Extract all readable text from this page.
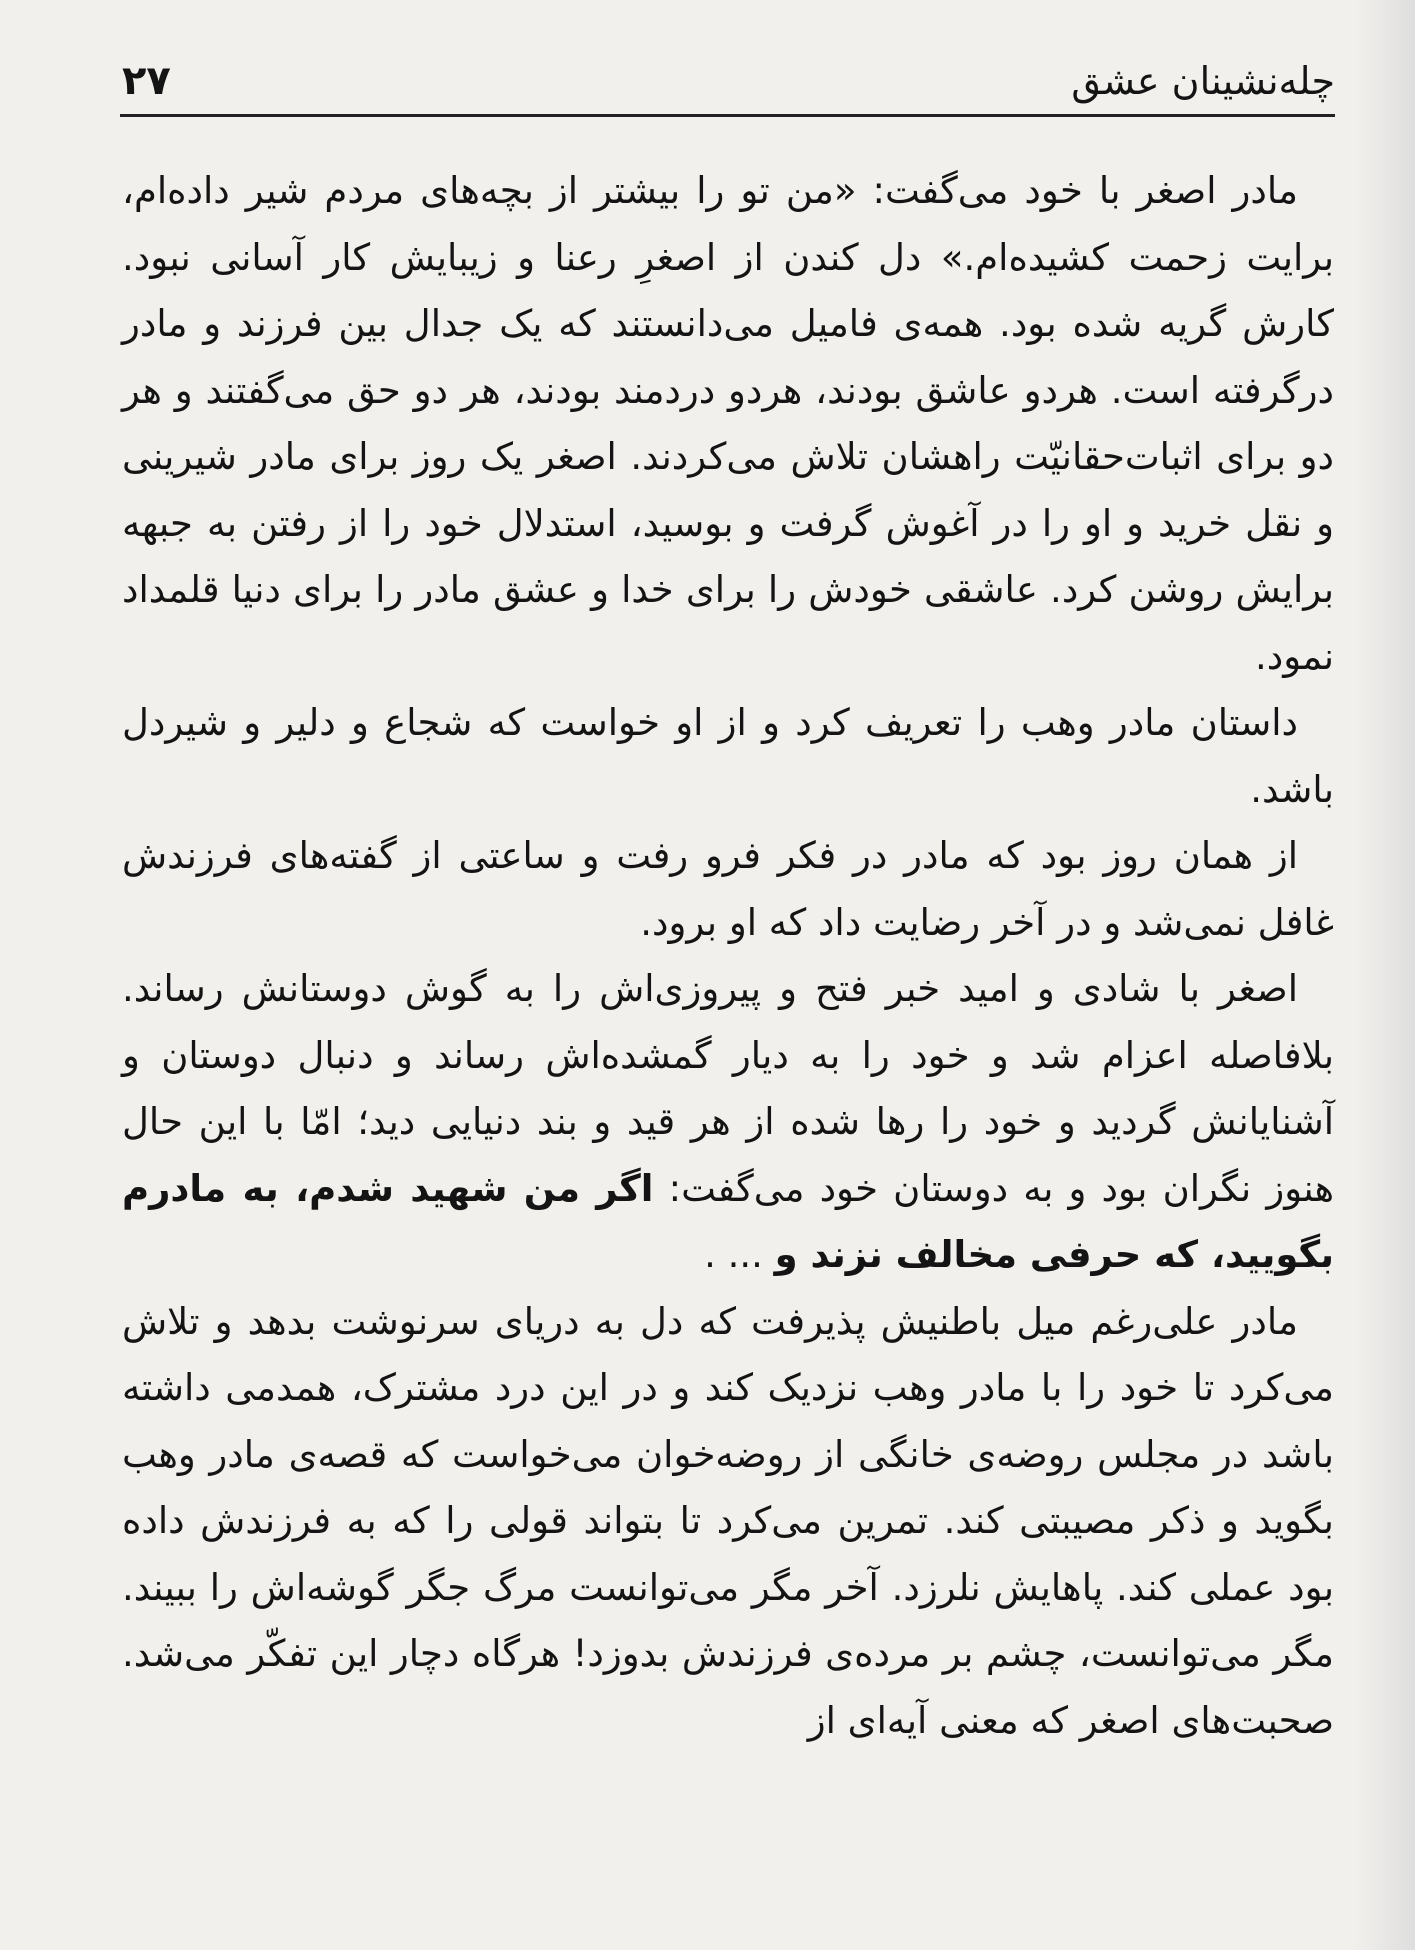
چله‌نشینان عشق
۲۷

مادر اصغر با خود می‌گفت: «من تو را بیشتر از بچه‌های مردم شیر داده‌ام، برایت زحمت کشیده‌ام.» دل کندن از اصغرِ رعنا و زیبایش کار آسانی نبود. کارش گریه شده بود. همه‌ی فامیل می‌دانستند که یک جدال بین فرزند و مادر درگرفته است. هردو عاشق بودند، هردو دردمند بودند، هر دو حق می‌گفتند و هر دو برای اثبات‌حقانیّت راهشان تلاش می‌کردند. اصغر یک روز برای مادر شیرینی و نقل خرید و او را در آغوش گرفت و بوسید، استدلال خود را از رفتن به جبهه برایش روشن کرد. عاشقی خودش را برای خدا و عشق مادر را برای دنیا قلمداد نمود.

داستان مادر وهب را تعریف کرد و از او خواست که شجاع و دلیر و شیردل باشد.

از همان روز بود که مادر در فکر فرو رفت و ساعتی از گفته‌های فرزندش غافل نمی‌شد و در آخر رضایت داد که او برود.

اصغر با شادی و امید خبر فتح و پیروزی‌اش را به گوش دوستانش رساند. بلافاصله اعزام شد و خود را به دیار گمشده‌اش رساند و دنبال دوستان و آشنایانش گردید و خود را رها شده از هر قید و بند دنیایی دید؛ امّا با این حال هنوز نگران بود و به دوستان خود می‌گفت: اگر من شهید شدم، به مادرم بگویید، که حرفی مخالف نزند و ... .

مادر علی‌رغم میل باطنیش پذیرفت که دل به دریای سرنوشت بدهد و تلاش می‌کرد تا خود را با مادر وهب نزدیک کند و در این درد مشترک، همدمی داشته باشد در مجلس روضه‌ی خانگی از روضه‌خوان می‌خواست که قصه‌ی مادر وهب بگوید و ذکر مصیبتی کند. تمرین می‌کرد تا بتواند قولی را که به فرزندش داده بود عملی کند. پاهایش نلرزد. آخر مگر می‌توانست مرگ جگر گوشه‌اش را ببیند. مگر می‌توانست، چشم بر مرده‌ی فرزندش بدوزد! هرگاه دچار این تفکّر می‌شد. صحبت‌های اصغر که معنی آیه‌ای از
